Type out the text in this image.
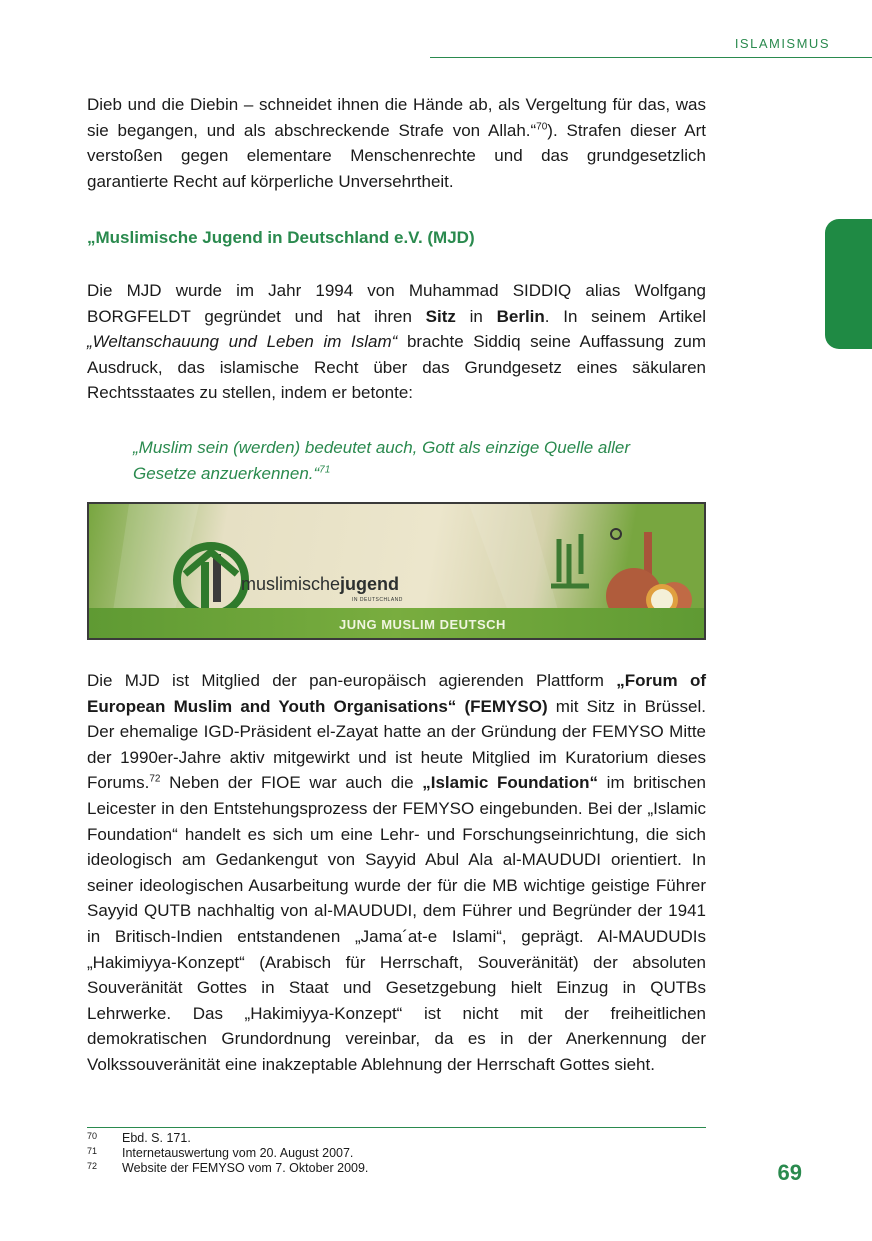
ISLAMISMUS

Dieb und die Diebin – schneidet ihnen die Hände ab, als Vergeltung für das, was sie begangen, und als abschreckende Strafe von Allah.“$^{70}$). Strafen dieser Art verstoßen gegen elementare Menschenrechte und das grundgesetzlich garantierte Recht auf körperliche Unversehrtheit.

„Muslimische Jugend in Deutschland e.V. (MJD)

Die MJD wurde im Jahr 1994 von Muhammad SIDDIQ alias Wolfgang BORGFELDT gegründet und hat ihren Sitz in Berlin. In seinem Artikel „Weltanschauung und Leben im Islam“ brachte Siddiq seine Auffassung zum Ausdruck, das islamische Recht über das Grundgesetz eines säkularen Rechtsstaates zu stellen, indem er betonte:

„Muslim sein (werden) bedeutet auch, Gott als einzige Quelle aller Gesetze anzuerkennen.“$^{71}$
muslimischejugend
IN DEUTSCHLAND
JUNG MUSLIM DEUTSCH

Die MJD ist Mitglied der pan-europäisch agierenden Plattform „Forum of European Muslim and Youth Organisations“ (FEMYSO) mit Sitz in Brüssel. Der ehemalige IGD-Präsident el-Zayat hatte an der Gründung der FEMYSO Mitte der 1990er-Jahre aktiv mitgewirkt und ist heute Mitglied im Kuratorium dieses Forums.$^{72}$ Neben der FIOE war auch die „Islamic Foundation“ im britischen Leicester in den Entstehungsprozess der FEMYSO eingebunden. Bei der „Islamic Foundation“ handelt es sich um eine Lehr- und Forschungseinrichtung, die sich ideologisch am Gedankengut von Sayyid Abul Ala al-MAUDUDI orientiert. In seiner ideologischen Ausarbeitung wurde der für die MB wichtige geistige Führer Sayyid QUTB nachhaltig von al-MAUDUDI, dem Führer und Begründer der 1941 in Britisch-Indien entstandenen „Jama´at-e Islami“, geprägt. Al-MAUDUDIs „Hakimiyya-Konzept“ (Arabisch für Herrschaft, Souveränität) der absoluten Souveränität Gottes in Staat und Gesetzgebung hielt Einzug in QUTBs Lehrwerke. Das „Hakimiyya-Konzept“ ist nicht mit der freiheitlichen demokratischen Grundordnung vereinbar, da es in der Anerkennung der Volkssouveränität eine inakzeptable Ablehnung der Herrschaft Gottes sieht.

70	Ebd. S. 171.
71	Internetauswertung vom 20. August 2007.
72	Website der FEMYSO vom 7. Oktober 2009.	69
